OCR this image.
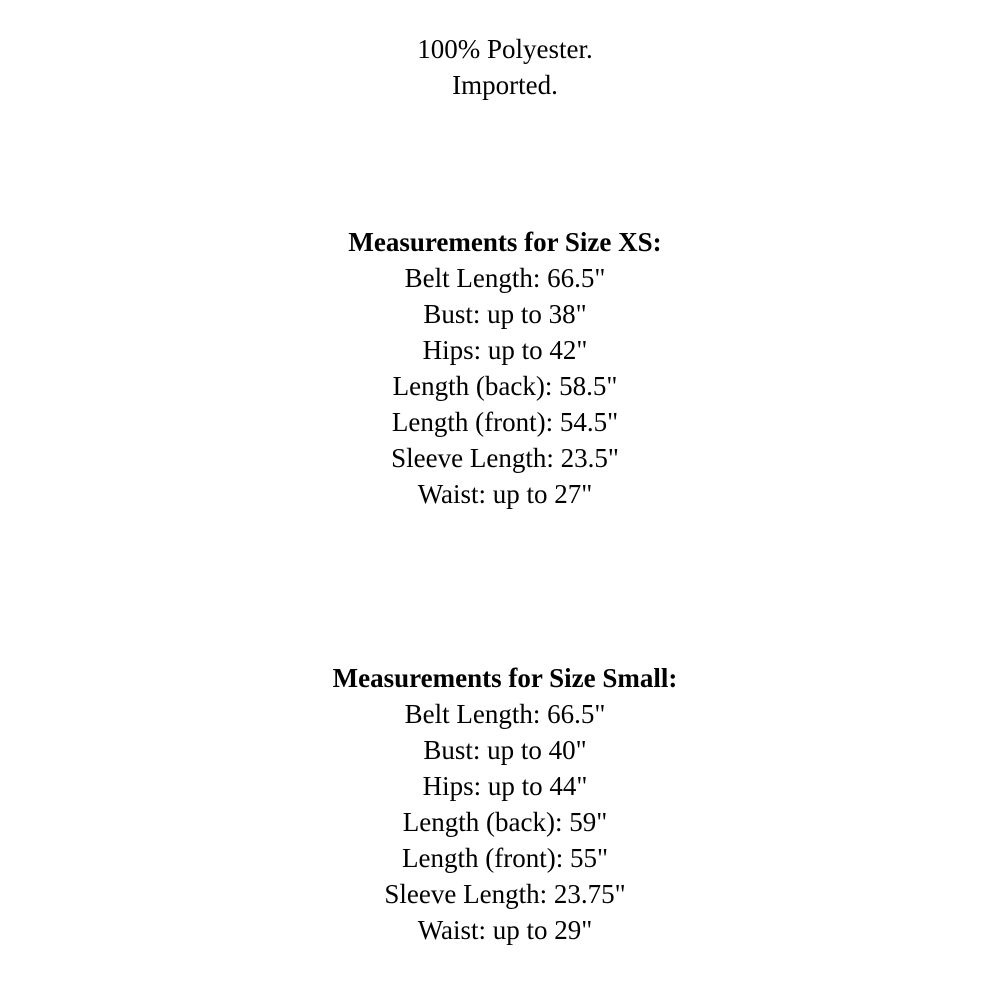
100% Polyester.
Imported.
Measurements for Size XS:
Belt Length: 66.5"
Bust: up to 38"
Hips: up to 42"
Length (back): 58.5"
Length (front): 54.5"
Sleeve Length: 23.5"
Waist: up to 27"
Measurements for Size Small:
Belt Length: 66.5"
Bust: up to 40"
Hips: up to 44"
Length (back): 59"
Length (front): 55"
Sleeve Length: 23.75"
Waist: up to 29"
